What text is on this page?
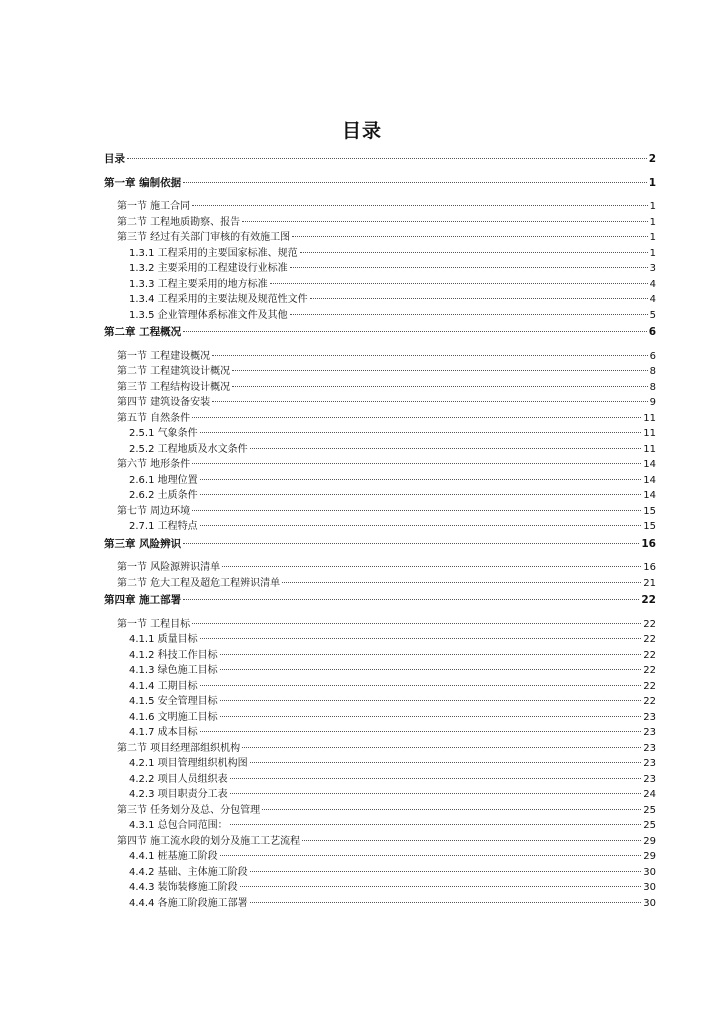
目录
目录	2
第一章 编制依据	1
第一节 施工合同	1
第二节 工程地质勘察、报告	1
第三节 经过有关部门审核的有效施工图	1
1.3.1 工程采用的主要国家标准、规范	1
1.3.2 主要采用的工程建设行业标准	3
1.3.3 工程主要采用的地方标准	4
1.3.4 工程采用的主要法规及规范性文件	4
1.3.5 企业管理体系标准文件及其他	5
第二章 工程概况	6
第一节 工程建设概况	6
第二节 工程建筑设计概况	8
第三节 工程结构设计概况	8
第四节 建筑设备安装	9
第五节 自然条件	11
2.5.1 气象条件	11
2.5.2 工程地质及水文条件	11
第六节 地形条件	14
2.6.1 地理位置	14
2.6.2 土质条件	14
第七节 周边环境	15
2.7.1 工程特点	15
第三章 风险辨识	16
第一节 风险源辨识清单	16
第二节 危大工程及超危工程辨识清单	21
第四章 施工部署	22
第一节 工程目标	22
4.1.1 质量目标	22
4.1.2 科技工作目标	22
4.1.3 绿色施工目标	22
4.1.4 工期目标	22
4.1.5 安全管理目标	22
4.1.6 文明施工目标	23
4.1.7 成本目标	23
第二节 项目经理部组织机构	23
4.2.1 项目管理组织机构图	23
4.2.2 项目人员组织表	23
4.2.3 项目职责分工表	24
第三节 任务划分及总、分包管理	25
4.3.1 总包合同范围：	25
第四节 施工流水段的划分及施工工艺流程	29
4.4.1 桩基施工阶段	29
4.4.2 基础、主体施工阶段	30
4.4.3 装饰装修施工阶段	30
4.4.4 各施工阶段施工部署	30
